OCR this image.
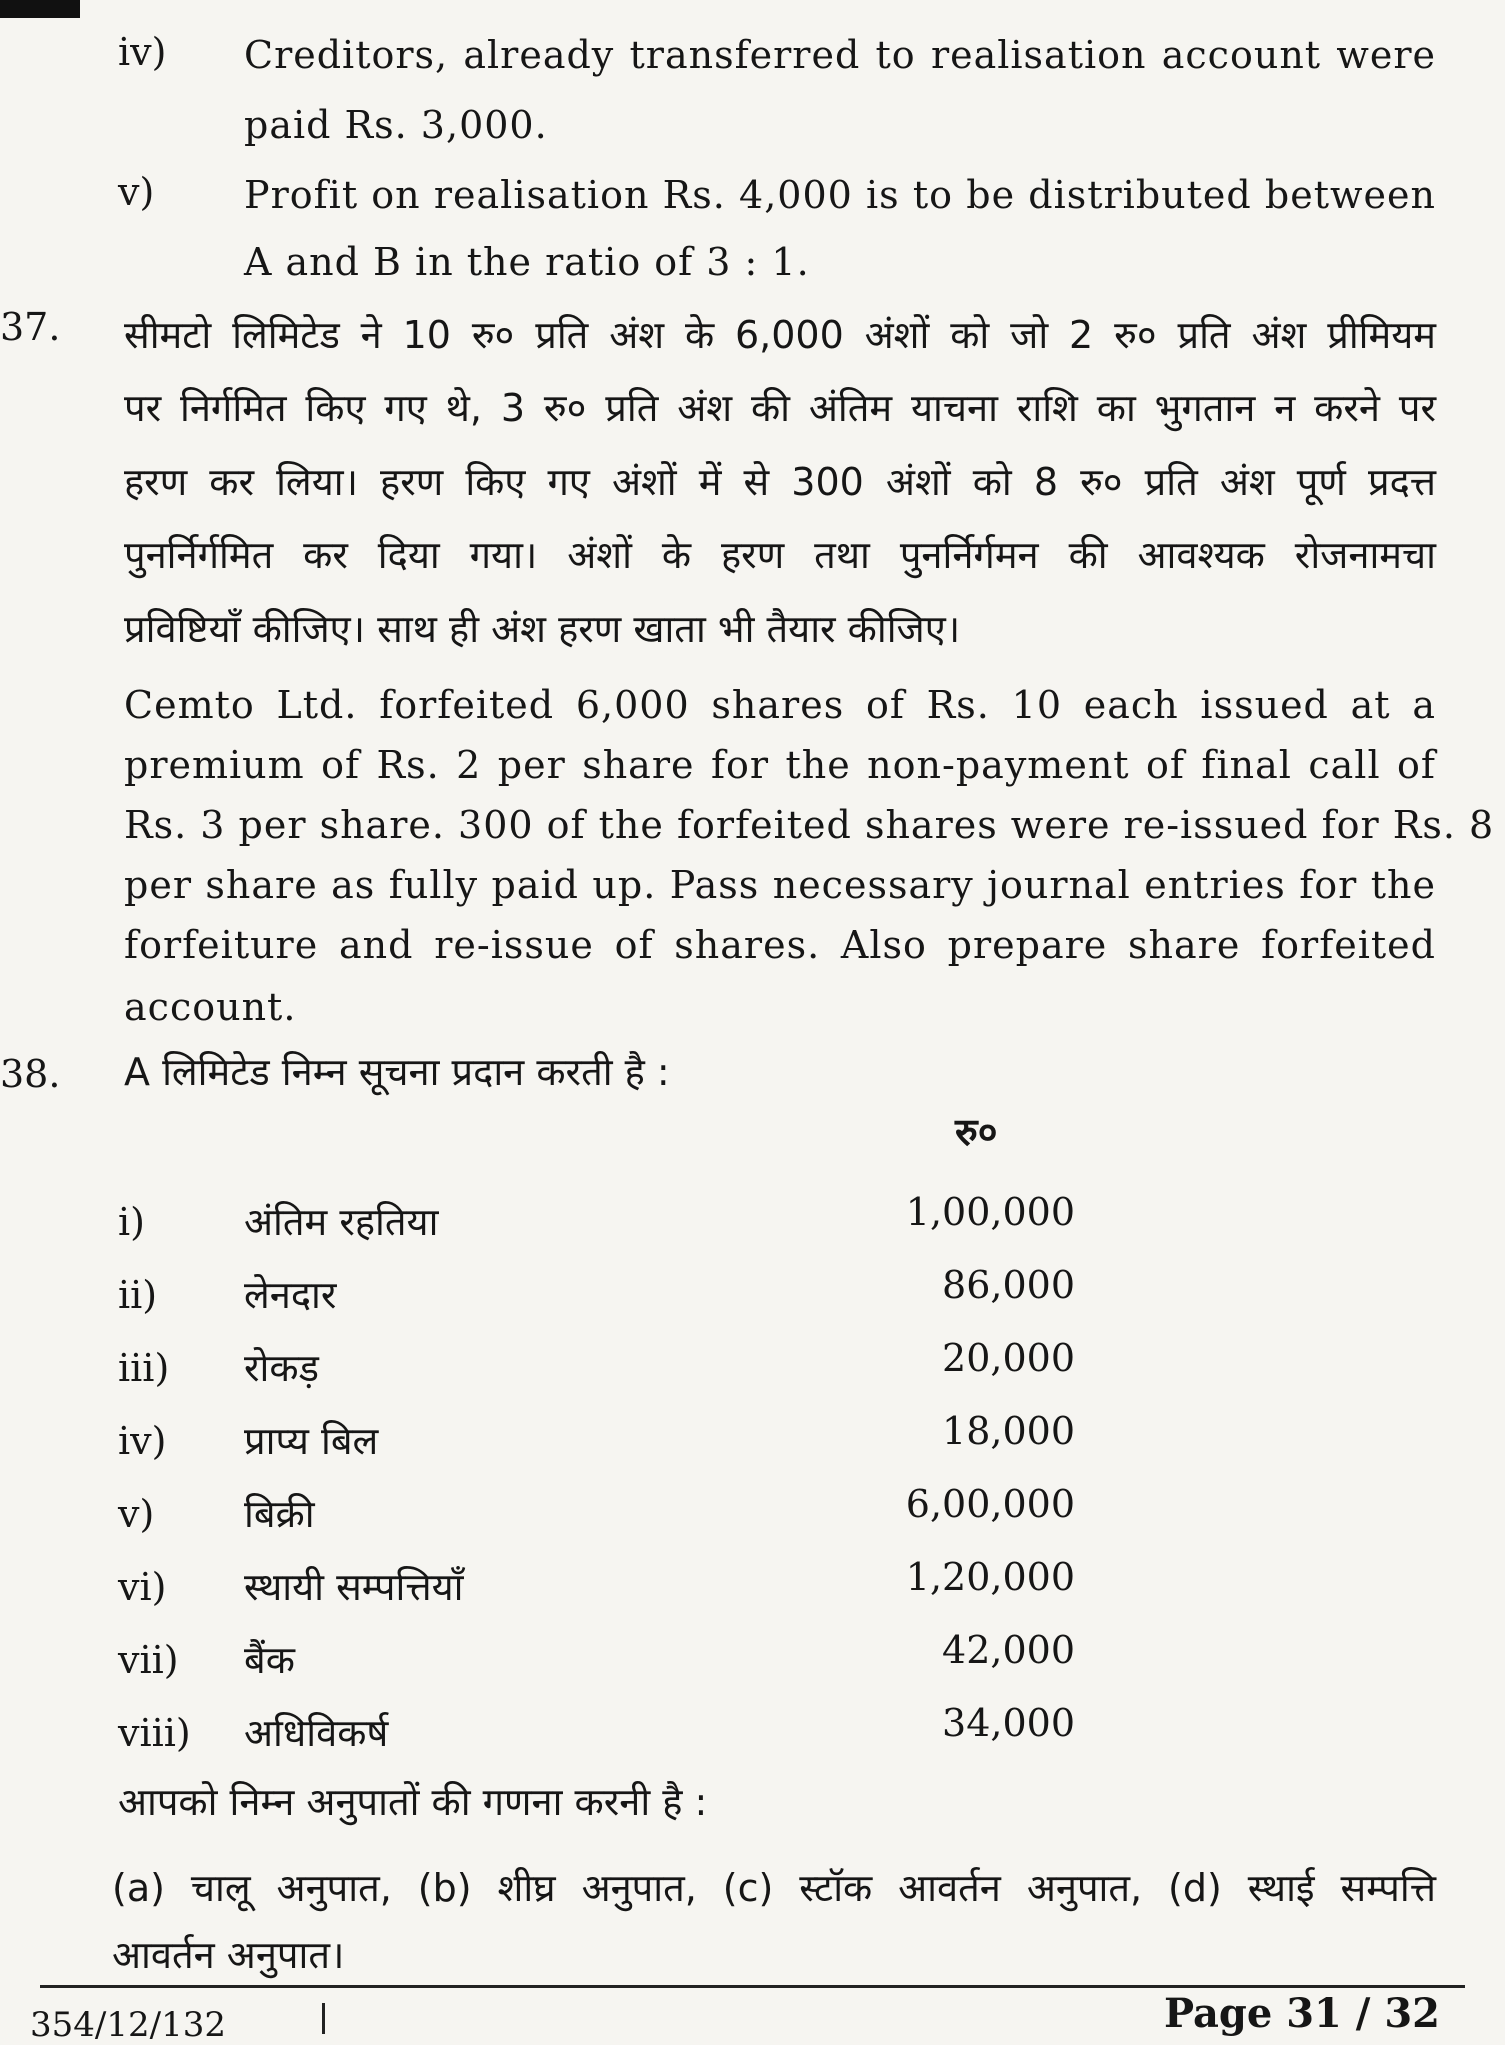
iv) Creditors, already transferred to realisation account were
paid Rs. 3,000.
v) Profit on realisation Rs. 4,000 is to be distributed between
A and B in the ratio of 3 : 1.
37. सीमटो लिमिटेड ने 10 रु० प्रति अंश के 6,000 अंशों को जो 2 रु० प्रति अंश प्रीमियम
पर निर्गमित किए गए थे, 3 रु० प्रति अंश की अंतिम याचना राशि का भुगतान न करने पर
हरण कर लिया। हरण किए गए अंशों में से 300 अंशों को 8 रु० प्रति अंश पूर्ण प्रदत्त
पुनर्निर्गमित कर दिया गया। अंशों के हरण तथा पुनर्निर्गमन की आवश्यक रोजनामचा
प्रविष्टियाँ कीजिए। साथ ही अंश हरण खाता भी तैयार कीजिए।
Cemto Ltd. forfeited 6,000 shares of Rs. 10 each issued at a
premium of Rs. 2 per share for the non-payment of final call of
Rs. 3 per share. 300 of the forfeited shares were re-issued for Rs. 8
per share as fully paid up. Pass necessary journal entries for the
forfeiture and re-issue of shares. Also prepare share forfeited
account.
38. A लिमिटेड निम्न सूचना प्रदान करती है :
रु०
i)	अंतिम रहतिया	1,00,000
ii) लेनदार	86,000
iii) रोकड़	20,000
iv) प्राप्य बिल	18,000
v) बिक्री	6,00,000
vi) स्थायी सम्पत्तियाँ	1,20,000
vii) बैंक	42,000
viii) अधिविकर्ष	34,000
आपको निम्न अनुपातों की गणना करनी है :
(a) चालू अनुपात, (b) शीघ्र अनुपात, (c) स्टॉक आवर्तन अनुपात, (d) स्थाई सम्पत्ति
आवर्तन अनुपात।
354/12/132	Page 31 / 32
